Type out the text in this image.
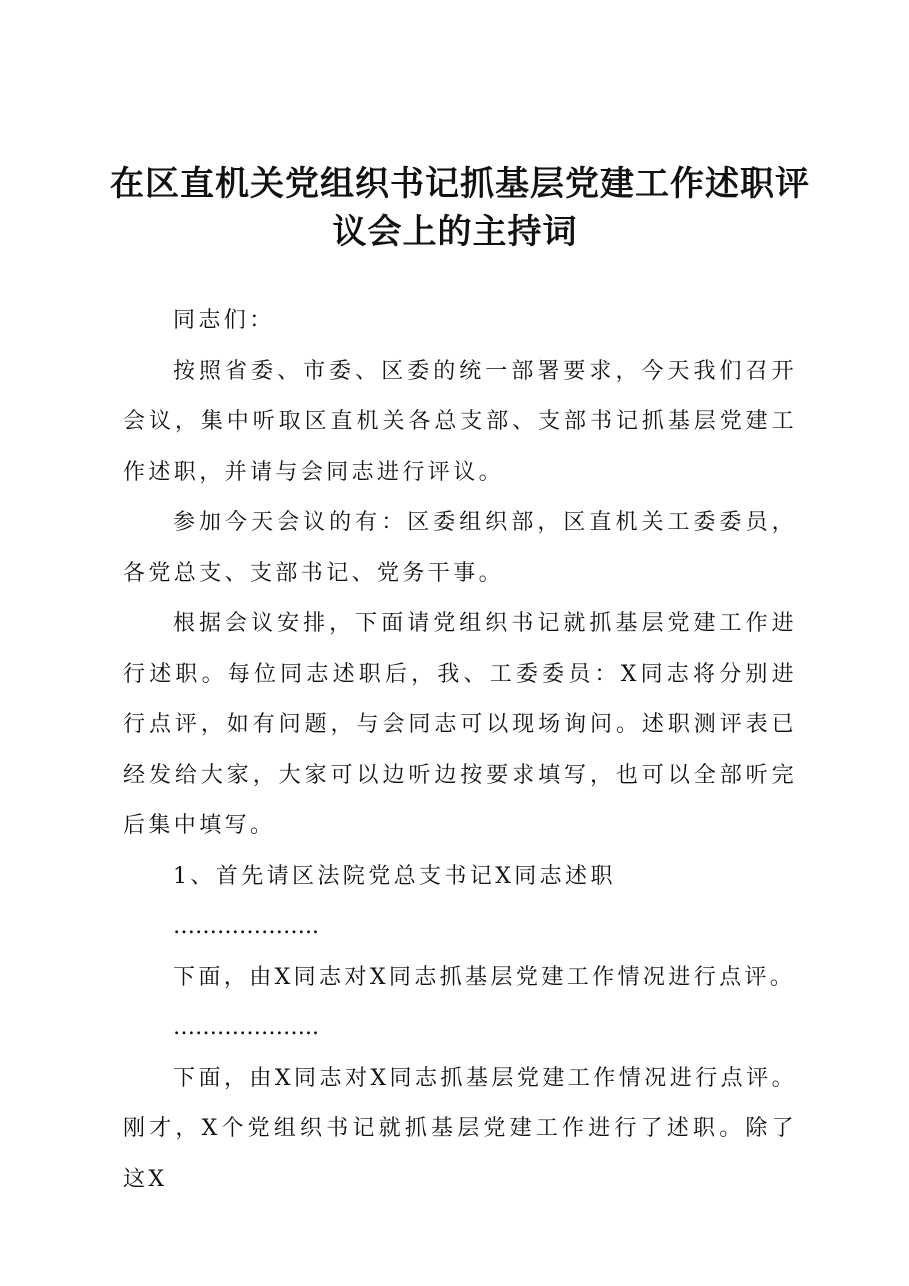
在区直机关党组织书记抓基层党建工作述职评
议会上的主持词

同志们：

按照省委、市委、区委的统一部署要求，今天我们召开会议，集中听取区直机关各总支部、支部书记抓基层党建工作述职，并请与会同志进行评议。

参加今天会议的有：区委组织部，区直机关工委委员，各党总支、支部书记、党务干事。

根据会议安排，下面请党组织书记就抓基层党建工作进行述职。每位同志述职后，我、工委委员：X同志将分别进行点评，如有问题，与会同志可以现场询问。述职测评表已经发给大家，大家可以边听边按要求填写，也可以全部听完后集中填写。

1、首先请区法院党总支书记X同志述职

………………..

下面，由X同志对X同志抓基层党建工作情况进行点评。

………………..

下面，由X同志对X同志抓基层党建工作情况进行点评。刚才，X个党组织书记就抓基层党建工作进行了述职。除了这X
